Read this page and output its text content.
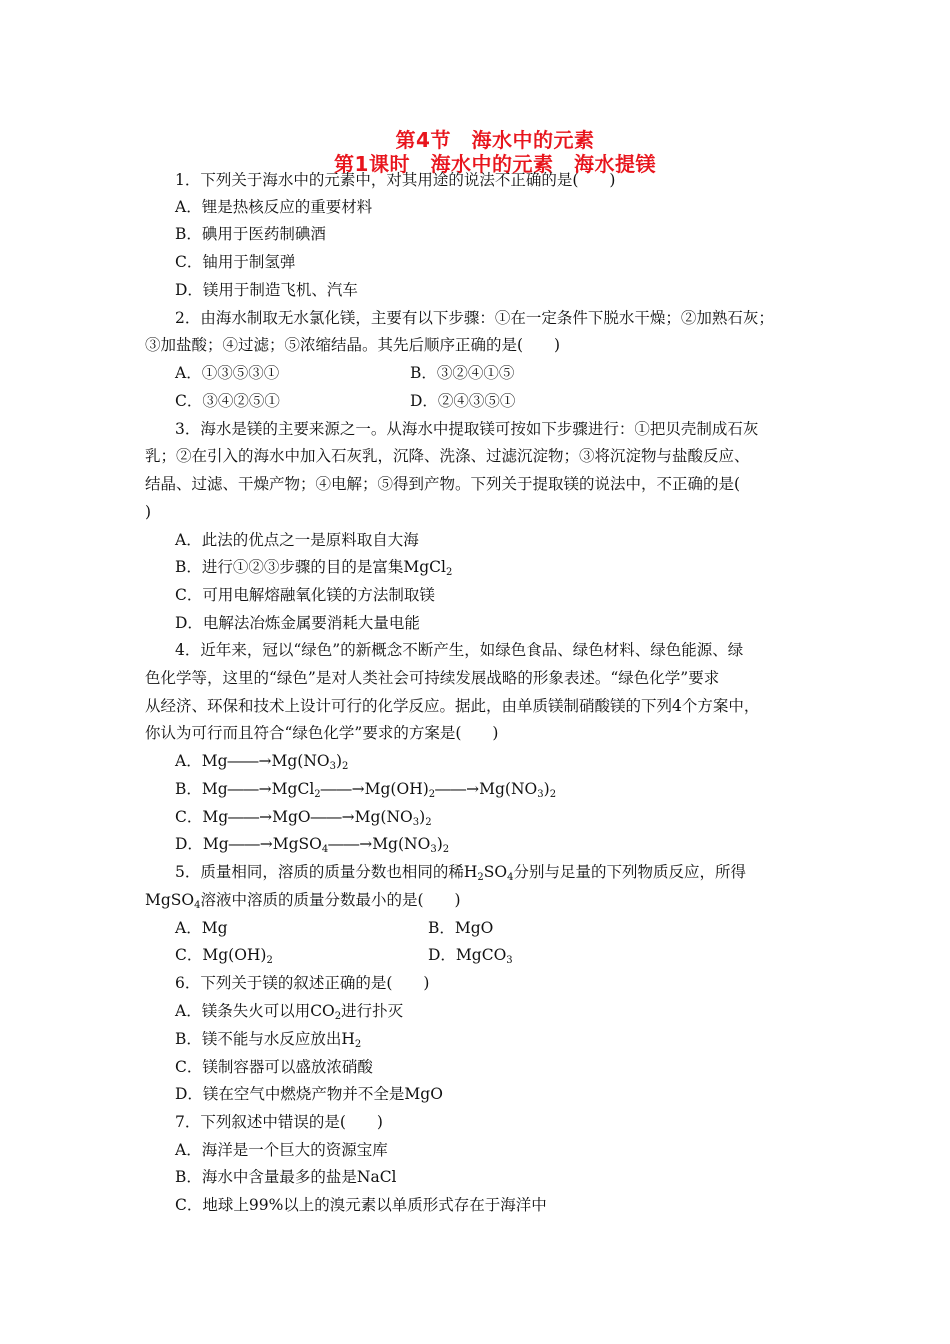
第4节　海水中的元素
第1课时　海水中的元素　海水提镁
1．下列关于海水中的元素中，对其用途的说法不正确的是(　　)
A．锂是热核反应的重要材料
B．碘用于医药制碘酒
C．铀用于制氢弹
D．镁用于制造飞机、汽车
2．由海水制取无水氯化镁，主要有以下步骤：①在一定条件下脱水干燥；②加熟石灰；
③加盐酸；④过滤；⑤浓缩结晶。其先后顺序正确的是(　　)
A．①③⑤③①	B．③②④①⑤
C．③④②⑤①	D．②④③⑤①
3．海水是镁的主要来源之一。从海水中提取镁可按如下步骤进行：①把贝壳制成石灰
乳；②在引入的海水中加入石灰乳，沉降、洗涤、过滤沉淀物；③将沉淀物与盐酸反应、
结晶、过滤、干燥产物；④电解；⑤得到产物。下列关于提取镁的说法中，不正确的是(
)
A．此法的优点之一是原料取自大海
B．进行①②③步骤的目的是富集MgCl$_2$
C．可用电解熔融氧化镁的方法制取镁
D．电解法冶炼金属要消耗大量电能
4．近年来，冠以“绿色”的新概念不断产生，如绿色食品、绿色材料、绿色能源、绿
色化学等，这里的“绿色”是对人类社会可持续发展战略的形象表述。“绿色化学”要求
从经济、环保和技术上设计可行的化学反应。据此，由单质镁制硝酸镁的下列4个方案中，
你认为可行而且符合“绿色化学”要求的方案是(　　)
A．$Mg――\to Mg(NO_3)_2$
B．$Mg――\to MgCl_2――\to Mg(OH)_2――\to Mg(NO_3)_2$
C．$Mg――\to MgO――\to Mg(NO_3)_2$
D．$Mg――\to MgSO_4――\to Mg(NO_3)_2$
5．质量相同，溶质的质量分数也相同的稀$H_2SO_4$分别与足量的下列物质反应，所得
MgSO$_4$溶液中溶质的质量分数最小的是(　　)
A．Mg	B．MgO
C．$Mg(OH)_2$	D．MgCO$_3$
6．下列关于镁的叙述正确的是(　　)
A．镁条失火可以用$CO_2$进行扑灭
B．镁不能与水反应放出$H_2$
C．镁制容器可以盛放浓硝酸
D．镁在空气中燃烧产物并不全是MgO
7．下列叙述中错误的是(　　)
A．海洋是一个巨大的资源宝库
B．海水中含量最多的盐是NaCl
C．地球上99%以上的溴元素以单质形式存在于海洋中
